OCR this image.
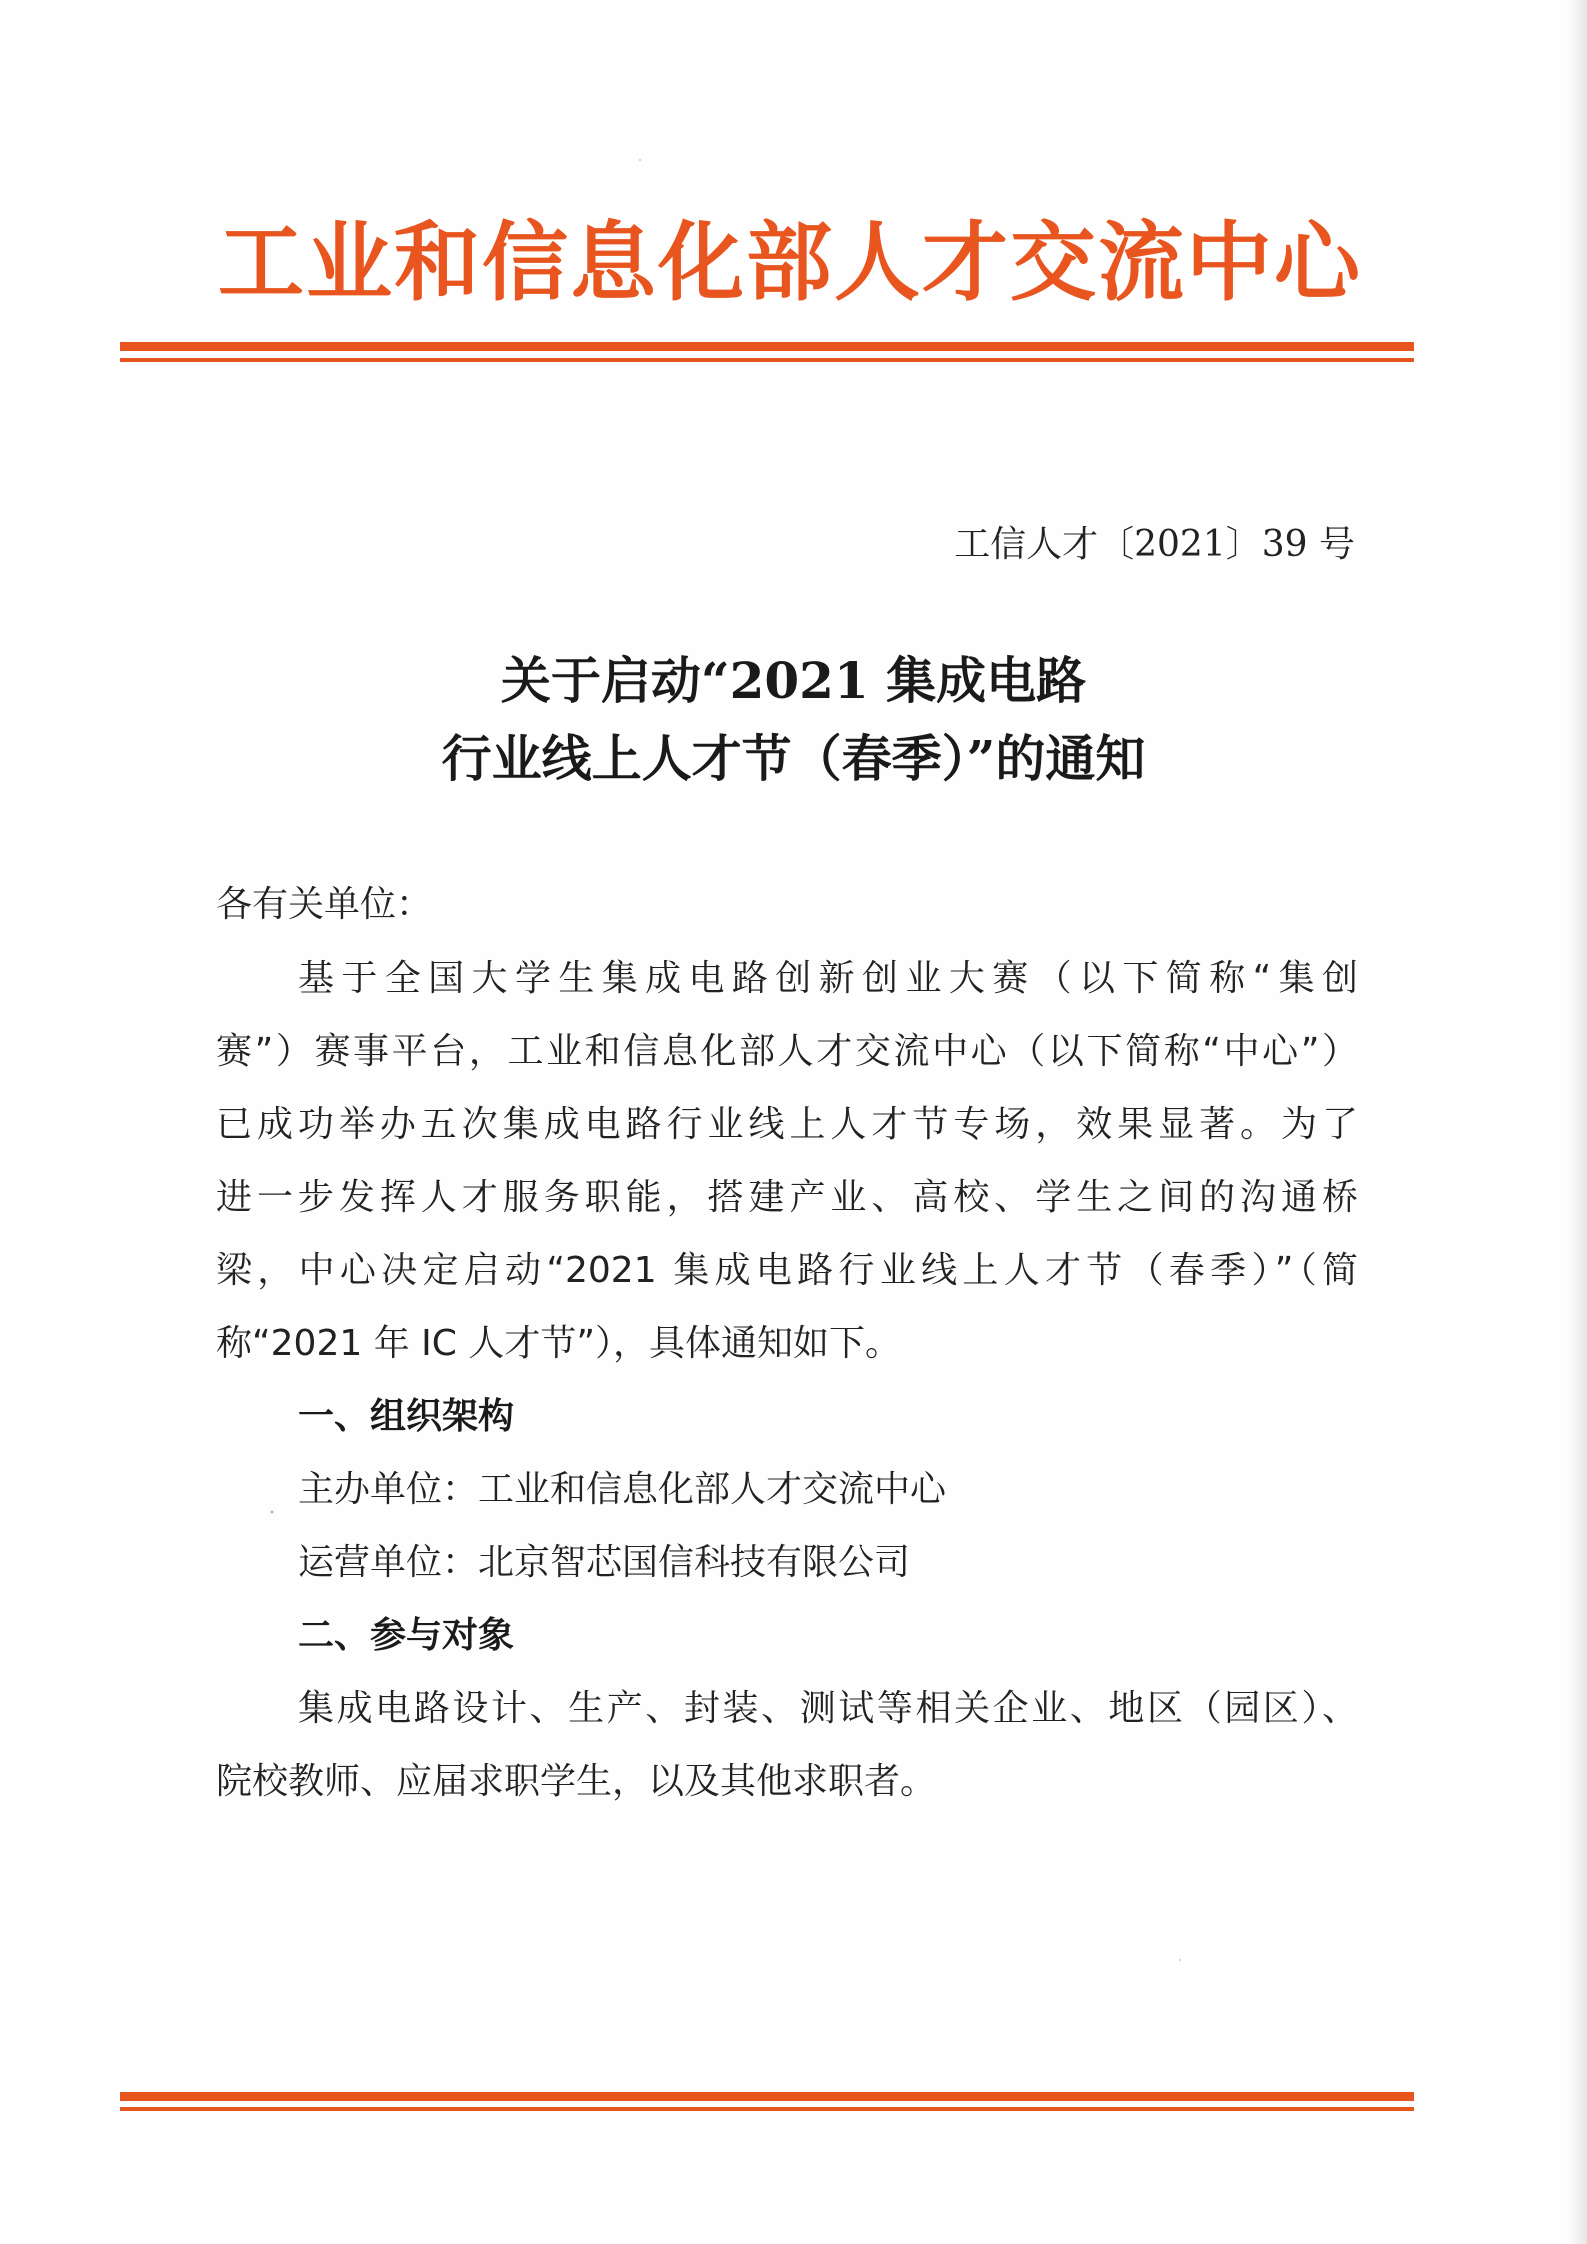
工业和信息化部人才交流中心
工信人才〔2021〕39 号
关于启动“2021 集成电路
行业线上人才节（春季）”的通知
各有关单位：
基于全国大学生集成电路创新创业大赛（以下简称“集创
赛”）赛事平台，工业和信息化部人才交流中心（以下简称“中心”）
已成功举办五次集成电路行业线上人才节专场，效果显著。为了
进一步发挥人才服务职能，搭建产业、高校、学生之间的沟通桥
梁，中心决定启动“2021 集成电路行业线上人才节（春季）”（简
称“2021 年 IC 人才节”），具体通知如下。
一、组织架构
主办单位：工业和信息化部人才交流中心
运营单位：北京智芯国信科技有限公司
二、参与对象
集成电路设计、生产、封装、测试等相关企业、地区（园区）、
院校教师、应届求职学生，以及其他求职者。
